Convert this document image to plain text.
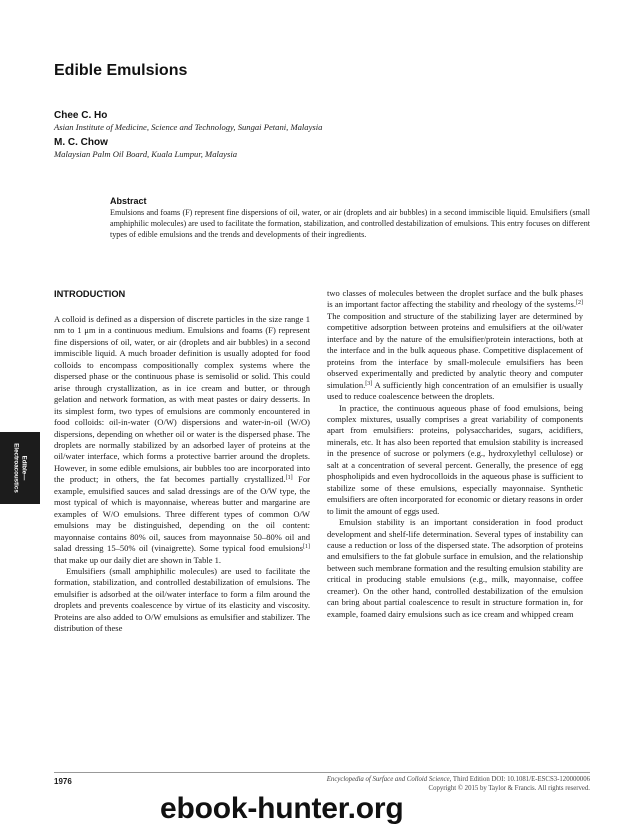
Edible Emulsions
Chee C. Ho
Asian Institute of Medicine, Science and Technology, Sungai Petani, Malaysia
M. C. Chow
Malaysian Palm Oil Board, Kuala Lumpur, Malaysia
Abstract
Emulsions and foams (F) represent fine dispersions of oil, water, or air (droplets and air bubbles) in a second immiscible liquid. Emulsifiers (small amphiphilic molecules) are used to facilitate the formation, stabilization, and controlled destabilization of emulsions. This entry focuses on different types of edible emulsions and the trends and developments of their ingredients.
Edible—
Electroacoustics
INTRODUCTION

A colloid is defined as a dispersion of discrete particles in the size range 1 nm to 1 μm in a continuous medium. Emulsions and foams (F) represent fine dispersions of oil, water, or air (droplets and air bubbles) in a second immiscible liquid. A much broader definition is usually adopted for food colloids to encompass compositionally complex systems where the dispersed phase or the continuous phase is semisolid or solid. This could arise through crystallization, as in ice cream and butter, or through gelation and network formation, as with meat pastes or dairy desserts. In its simplest form, two types of emulsions are commonly encountered in food colloids: oil-in-water (O/W) dispersions and water-in-oil (W/O) dispersions, depending on whether oil or water is the dispersed phase. The droplets are normally stabilized by an adsorbed layer of proteins at the oil/water interface, which forms a protective barrier around the droplets. However, in some edible emulsions, air bubbles too are incorporated into the product; in others, the fat becomes partially crystallized.[1] For example, emulsified sauces and salad dressings are of the O/W type, the most typical of which is mayonnaise, whereas butter and margarine are examples of W/O emulsions. Three different types of common O/W emulsions may be distinguished, depending on the oil content: mayonnaise contains 80% oil, sauces from mayonnaise 50–80% oil and salad dressing 15–50% oil (vinaigrette). Some typical food emulsions[1] that make up our daily diet are shown in Table 1.

Emulsifiers (small amphiphilic molecules) are used to facilitate the formation, stabilization, and controlled destabilization of emulsions. The emulsifier is adsorbed at the oil/water interface to form a film around the droplets and prevents coalescence by virtue of its elasticity and viscosity. Proteins are also added to O/W emulsions as emulsifier and stabilizer. The distribution of these

two classes of molecules between the droplet surface and the bulk phases is an important factor affecting the stability and rheology of the systems.[2] The composition and structure of the stabilizing layer are determined by competitive adsorption between proteins and emulsifiers at the oil/water interface and by the nature of the emulsifier/protein interactions, both at the interface and in the bulk aqueous phase. Competitive displacement of proteins from the interface by small-molecule emulsifiers has been observed experimentally and predicted by analytic theory and computer simulation.[3] A sufficiently high concentration of an emulsifier is usually used to reduce coalescence between the droplets.

In practice, the continuous aqueous phase of food emulsions, being complex mixtures, usually comprises a great variability of components apart from emulsifiers: proteins, polysaccharides, sugars, acidifiers, minerals, etc. It has also been reported that emulsion stability is increased in the presence of sucrose or polymers (e.g., hydroxylethyl cellulose) or salt at a concentration of several percent. Generally, the presence of egg phospholipids and even hydrocolloids in the aqueous phase is sufficient to stabilize some of these emulsions, especially mayonnaise. Synthetic emulsifiers are often incorporated for economic or dietary reasons in order to limit the amount of eggs used.

Emulsion stability is an important consideration in food product development and shelf-life determination. Several types of instability can cause a reduction or loss of the dispersed state. The adsorption of proteins and emulsifiers to the fat globule surface in emulsion, and the relationship between such membrane formation and the resulting emulsion stability are critical in producing stable emulsions (e.g., milk, mayonnaise, coffee creamer). On the other hand, controlled destabilization of the emulsion can bring about partial coalescence to result in structure formation in, for example, foamed dairy emulsions such as ice cream and whipped cream

1976	Encyclopedia of Surface and Colloid Science, Third Edition DOI: 10.1081/E-ESCS3-120000006
Copyright © 2015 by Taylor & Francis. All rights reserved.
ebook-hunter.org
